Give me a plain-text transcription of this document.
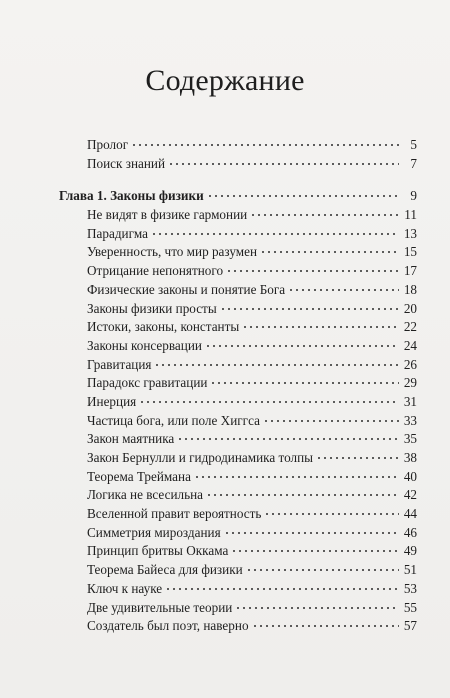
Содержание
Пролог	5
Поиск знаний	7
Глава 1. Законы физики	9
Не видят в физике гармонии	11
Парадигма	13
Уверенность, что мир разумен	15
Отрицание непонятного	17
Физические законы и понятие Бога	18
Законы физики просты	20
Истоки, законы, константы	22
Законы консервации	24
Гравитация	26
Парадокс гравитации	29
Инерция	31
Частица бога, или поле Хиггса	33
Закон маятника	35
Закон Бернулли и гидродинамика толпы	38
Теорема Треймана	40
Логика не всесильна	42
Вселенной правит вероятность	44
Симметрия мироздания	46
Принцип бритвы Оккама	49
Теорема Байеса для физики	51
Ключ к науке	53
Две удивительные теории	55
Создатель был поэт, наверно	57
